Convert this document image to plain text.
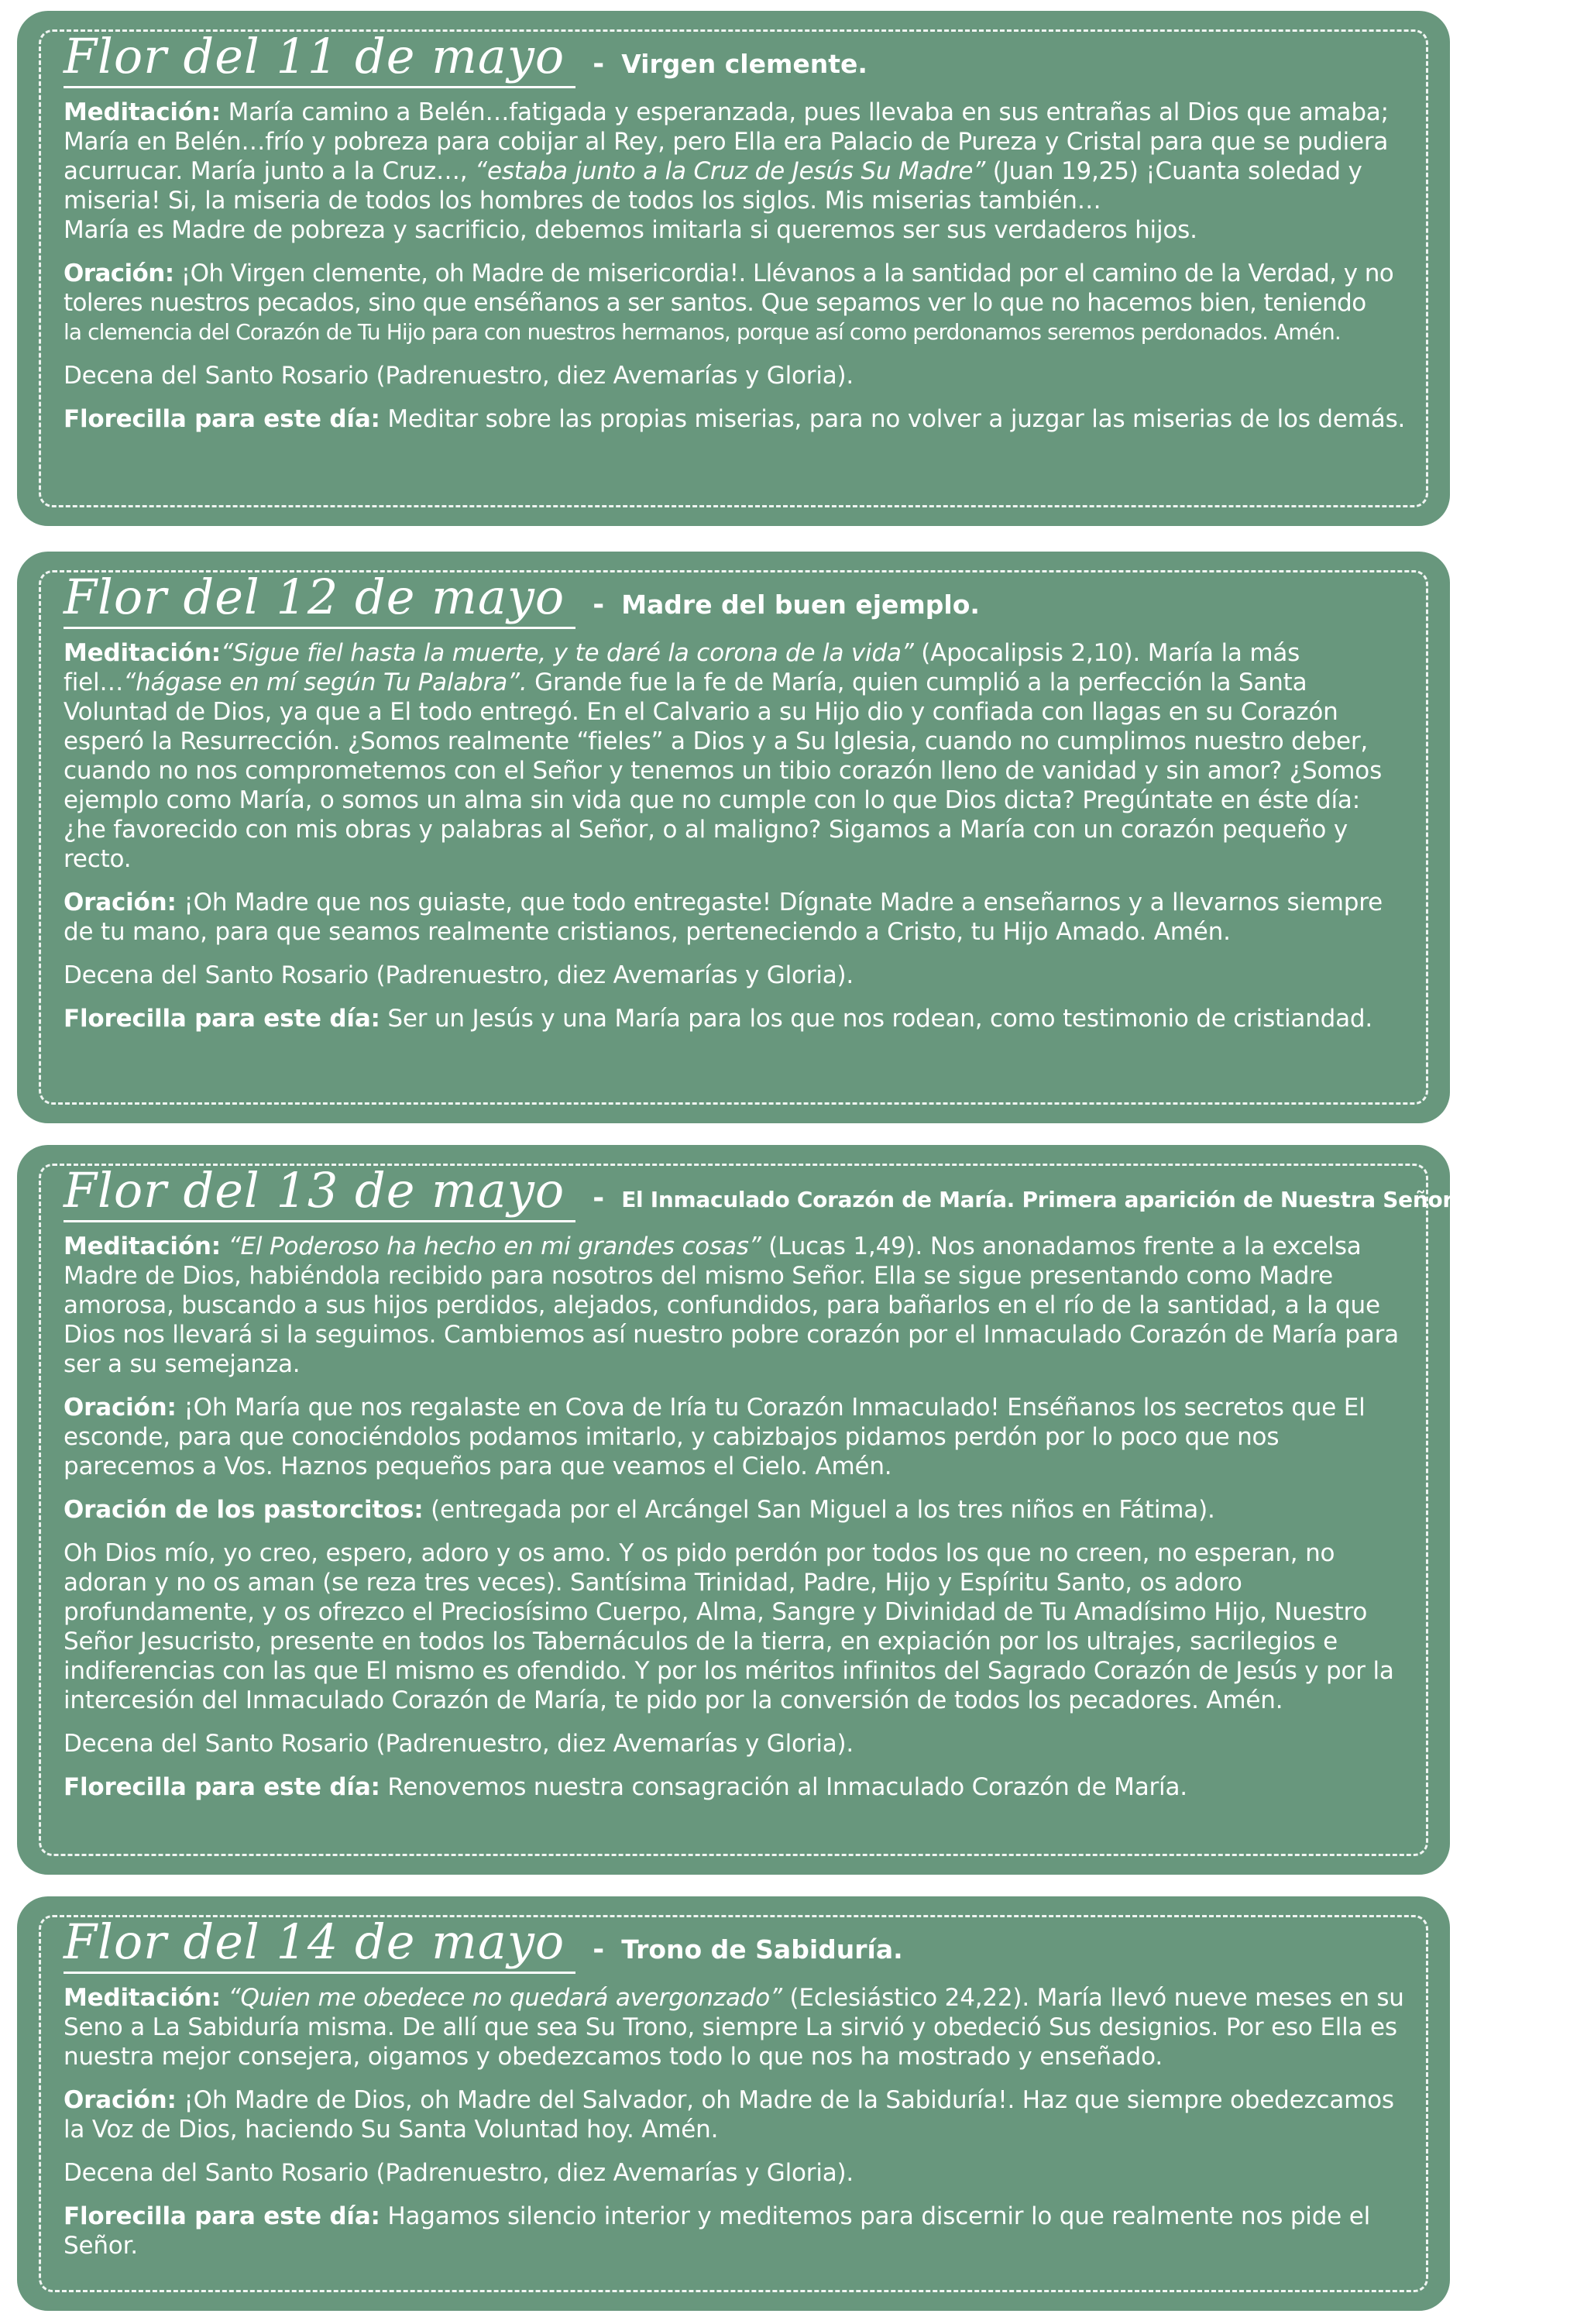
Flor del 11 de mayo	- Virgen clemente.
Meditación: María camino a Belén…fatigada y esperanzada, pues llevaba en sus entrañas al Dios que amaba; María en Belén…frío y pobreza para cobijar al Rey, pero Ella era Palacio de Pureza y Cristal para que se pudiera acurrucar. María junto a la Cruz…, “estaba junto a la Cruz de Jesús Su Madre” (Juan 19,25) ¡Cuanta soledad y miseria! Si, la miseria de todos los hombres de todos los siglos. Mis miserias también…
María es Madre de pobreza y sacrificio, debemos imitarla si queremos ser sus verdaderos hijos.
Oración: ¡Oh Virgen clemente, oh Madre de misericordia!. Llévanos a la santidad por el camino de la Verdad, y no toleres nuestros pecados, sino que enséñanos a ser santos. Que sepamos ver lo que no hacemos bien, teniendo
la clemencia del Corazón de Tu Hijo para con nuestros hermanos, porque así como perdonamos seremos perdonados. Amén.
Decena del Santo Rosario (Padrenuestro, diez Avemarías y Gloria).
Florecilla para este día: Meditar sobre las propias miserias, para no volver a juzgar las miserias de los demás.
Flor del 12 de mayo	- Madre del buen ejemplo.
Meditación:“Sigue fiel hasta la muerte, y te daré la corona de la vida” (Apocalipsis 2,10). María la más fiel…“hágase en mí según Tu Palabra”. Grande fue la fe de María, quien cumplió a la perfección la Santa Voluntad de Dios, ya que a El todo entregó. En el Calvario a su Hijo dio y confiada con llagas en su Corazón esperó la Resurrección. ¿Somos realmente “fieles” a Dios y a Su Iglesia, cuando no cumplimos nuestro deber, cuando no nos comprometemos con el Señor y tenemos un tibio corazón lleno de vanidad y sin amor? ¿Somos ejemplo como María, o somos un alma sin vida que no cumple con lo que Dios dicta? Pregúntate en éste día: ¿he favorecido con mis obras y palabras al Señor, o al maligno? Sigamos a María con un corazón pequeño y recto.
Oración: ¡Oh Madre que nos guiaste, que todo entregaste! Dígnate Madre a enseñarnos y a llevarnos siempre de tu mano, para que seamos realmente cristianos, perteneciendo a Cristo, tu Hijo Amado. Amén.
Decena del Santo Rosario (Padrenuestro, diez Avemarías y Gloria).
Florecilla para este día: Ser un Jesús y una María para los que nos rodean, como testimonio de cristiandad.
Flor del 13 de mayo	- El Inmaculado Corazón de María. Primera aparición de Nuestra Señora de Fátima
Meditación: “El Poderoso ha hecho en mi grandes cosas” (Lucas 1,49). Nos anonadamos frente a la excelsa Madre de Dios, habiéndola recibido para nosotros del mismo Señor. Ella se sigue presentando como Madre amorosa, buscando a sus hijos perdidos, alejados, confundidos, para bañarlos en el río de la santidad, a la que Dios nos llevará si la seguimos. Cambiemos así nuestro pobre corazón por el Inmaculado Corazón de María para ser a su semejanza.
Oración: ¡Oh María que nos regalaste en Cova de Iría tu Corazón Inmaculado! Enséñanos los secretos que El esconde, para que conociéndolos podamos imitarlo, y cabizbajos pidamos perdón por lo poco que nos parecemos a Vos. Haznos pequeños para que veamos el Cielo. Amén.
Oración de los pastorcitos: (entregada por el Arcángel San Miguel a los tres niños en Fátima).
Oh Dios mío, yo creo, espero, adoro y os amo. Y os pido perdón por todos los que no creen, no esperan, no adoran y no os aman (se reza tres veces). Santísima Trinidad, Padre, Hijo y Espíritu Santo, os adoro profundamente, y os ofrezco el Preciosísimo Cuerpo, Alma, Sangre y Divinidad de Tu Amadísimo Hijo, Nuestro Señor Jesucristo, presente en todos los Tabernáculos de la tierra, en expiación por los ultrajes, sacrilegios e indiferencias con las que El mismo es ofendido. Y por los méritos infinitos del Sagrado Corazón de Jesús y por la intercesión del Inmaculado Corazón de María, te pido por la conversión de todos los pecadores. Amén.
Decena del Santo Rosario (Padrenuestro, diez Avemarías y Gloria).
Florecilla para este día: Renovemos nuestra consagración al Inmaculado Corazón de María.
Flor del 14 de mayo	- Trono de Sabiduría.
Meditación: “Quien me obedece no quedará avergonzado” (Eclesiástico 24,22). María llevó nueve meses en su Seno a La Sabiduría misma. De allí que sea Su Trono, siempre La sirvió y obedeció Sus designios. Por eso Ella es nuestra mejor consejera, oigamos y obedezcamos todo lo que nos ha mostrado y enseñado.
Oración: ¡Oh Madre de Dios, oh Madre del Salvador, oh Madre de la Sabiduría!. Haz que siempre obedezcamos la Voz de Dios, haciendo Su Santa Voluntad hoy. Amén.
Decena del Santo Rosario (Padrenuestro, diez Avemarías y Gloria).
Florecilla para este día: Hagamos silencio interior y meditemos para discernir lo que realmente nos pide el Señor.
